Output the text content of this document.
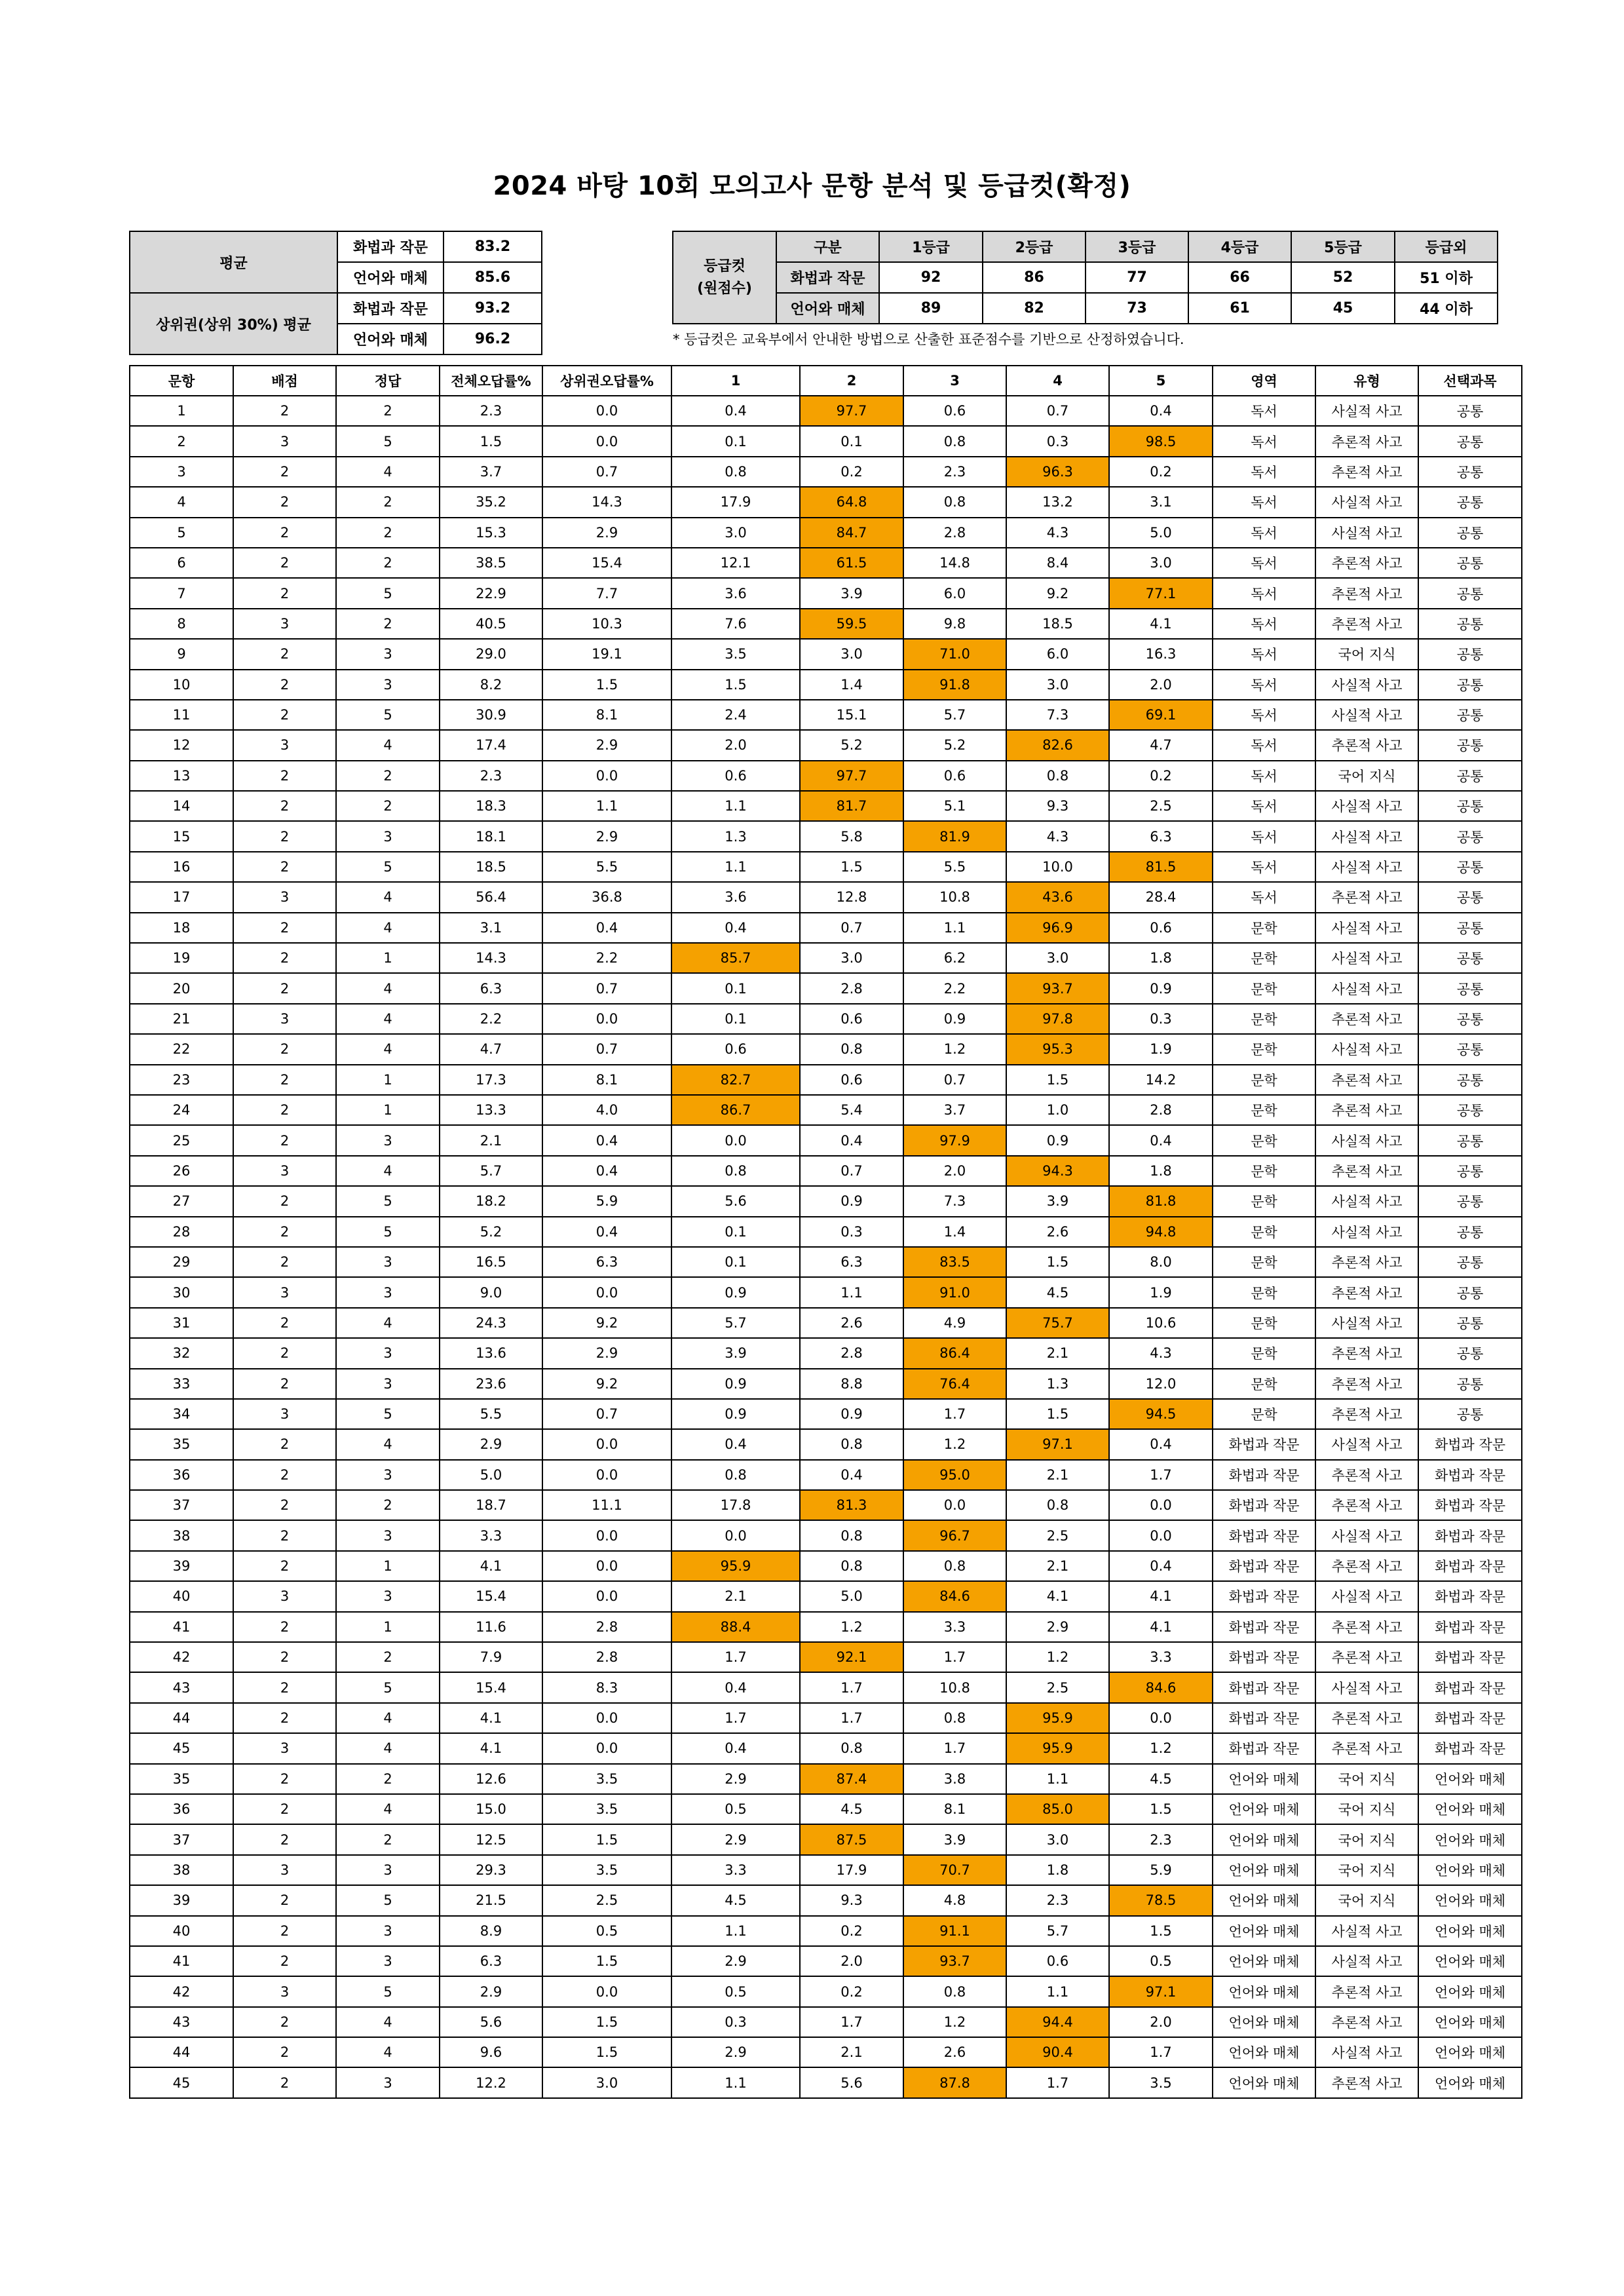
2024 바탕 10회 모의고사 문항 분석 및 등급컷(확정)
평균	화법과 작문	83.2
	언어와 매체	85.6
상위권(상위 30%) 평균	화법과 작문	93.2
	언어와 매체	96.2
등급컷
(원점수)	구분	1등급	2등급	3등급	4등급	5등급	등급외
	화법과 작문	92	86	77	66	52	51 이하
	언어와 매체	89	82	73	61	45	44 이하
* 등급컷은 교육부에서 안내한 방법으로 산출한 표준점수를 기반으로 산정하였습니다.
문항	배점	정답	전체오답률%	상위권오답률%	1	2	3	4	5	영역	유형	선택과목
1	2	2	2.3	0.0	0.4	97.7	0.6	0.7	0.4	독서	사실적 사고	공통
2	3	5	1.5	0.0	0.1	0.1	0.8	0.3	98.5	독서	추론적 사고	공통
3	2	4	3.7	0.7	0.8	0.2	2.3	96.3	0.2	독서	추론적 사고	공통
4	2	2	35.2	14.3	17.9	64.8	0.8	13.2	3.1	독서	사실적 사고	공통
5	2	2	15.3	2.9	3.0	84.7	2.8	4.3	5.0	독서	사실적 사고	공통
6	2	2	38.5	15.4	12.1	61.5	14.8	8.4	3.0	독서	추론적 사고	공통
7	2	5	22.9	7.7	3.6	3.9	6.0	9.2	77.1	독서	추론적 사고	공통
8	3	2	40.5	10.3	7.6	59.5	9.8	18.5	4.1	독서	추론적 사고	공통
9	2	3	29.0	19.1	3.5	3.0	71.0	6.0	16.3	독서	국어 지식	공통
10	2	3	8.2	1.5	1.5	1.4	91.8	3.0	2.0	독서	사실적 사고	공통
11	2	5	30.9	8.1	2.4	15.1	5.7	7.3	69.1	독서	사실적 사고	공통
12	3	4	17.4	2.9	2.0	5.2	5.2	82.6	4.7	독서	추론적 사고	공통
13	2	2	2.3	0.0	0.6	97.7	0.6	0.8	0.2	독서	국어 지식	공통
14	2	2	18.3	1.1	1.1	81.7	5.1	9.3	2.5	독서	사실적 사고	공통
15	2	3	18.1	2.9	1.3	5.8	81.9	4.3	6.3	독서	사실적 사고	공통
16	2	5	18.5	5.5	1.1	1.5	5.5	10.0	81.5	독서	사실적 사고	공통
17	3	4	56.4	36.8	3.6	12.8	10.8	43.6	28.4	독서	추론적 사고	공통
18	2	4	3.1	0.4	0.4	0.7	1.1	96.9	0.6	문학	사실적 사고	공통
19	2	1	14.3	2.2	85.7	3.0	6.2	3.0	1.8	문학	사실적 사고	공통
20	2	4	6.3	0.7	0.1	2.8	2.2	93.7	0.9	문학	사실적 사고	공통
21	3	4	2.2	0.0	0.1	0.6	0.9	97.8	0.3	문학	추론적 사고	공통
22	2	4	4.7	0.7	0.6	0.8	1.2	95.3	1.9	문학	사실적 사고	공통
23	2	1	17.3	8.1	82.7	0.6	0.7	1.5	14.2	문학	추론적 사고	공통
24	2	1	13.3	4.0	86.7	5.4	3.7	1.0	2.8	문학	추론적 사고	공통
25	2	3	2.1	0.4	0.0	0.4	97.9	0.9	0.4	문학	사실적 사고	공통
26	3	4	5.7	0.4	0.8	0.7	2.0	94.3	1.8	문학	추론적 사고	공통
27	2	5	18.2	5.9	5.6	0.9	7.3	3.9	81.8	문학	사실적 사고	공통
28	2	5	5.2	0.4	0.1	0.3	1.4	2.6	94.8	문학	사실적 사고	공통
29	2	3	16.5	6.3	0.1	6.3	83.5	1.5	8.0	문학	추론적 사고	공통
30	3	3	9.0	0.0	0.9	1.1	91.0	4.5	1.9	문학	추론적 사고	공통
31	2	4	24.3	9.2	5.7	2.6	4.9	75.7	10.6	문학	사실적 사고	공통
32	2	3	13.6	2.9	3.9	2.8	86.4	2.1	4.3	문학	추론적 사고	공통
33	2	3	23.6	9.2	0.9	8.8	76.4	1.3	12.0	문학	추론적 사고	공통
34	3	5	5.5	0.7	0.9	0.9	1.7	1.5	94.5	문학	추론적 사고	공통
35	2	4	2.9	0.0	0.4	0.8	1.2	97.1	0.4	화법과 작문	사실적 사고	화법과 작문
36	2	3	5.0	0.0	0.8	0.4	95.0	2.1	1.7	화법과 작문	추론적 사고	화법과 작문
37	2	2	18.7	11.1	17.8	81.3	0.0	0.8	0.0	화법과 작문	추론적 사고	화법과 작문
38	2	3	3.3	0.0	0.0	0.8	96.7	2.5	0.0	화법과 작문	사실적 사고	화법과 작문
39	2	1	4.1	0.0	95.9	0.8	0.8	2.1	0.4	화법과 작문	추론적 사고	화법과 작문
40	3	3	15.4	0.0	2.1	5.0	84.6	4.1	4.1	화법과 작문	사실적 사고	화법과 작문
41	2	1	11.6	2.8	88.4	1.2	3.3	2.9	4.1	화법과 작문	추론적 사고	화법과 작문
42	2	2	7.9	2.8	1.7	92.1	1.7	1.2	3.3	화법과 작문	추론적 사고	화법과 작문
43	2	5	15.4	8.3	0.4	1.7	10.8	2.5	84.6	화법과 작문	사실적 사고	화법과 작문
44	2	4	4.1	0.0	1.7	1.7	0.8	95.9	0.0	화법과 작문	추론적 사고	화법과 작문
45	3	4	4.1	0.0	0.4	0.8	1.7	95.9	1.2	화법과 작문	추론적 사고	화법과 작문
35	2	2	12.6	3.5	2.9	87.4	3.8	1.1	4.5	언어와 매체	국어 지식	언어와 매체
36	2	4	15.0	3.5	0.5	4.5	8.1	85.0	1.5	언어와 매체	국어 지식	언어와 매체
37	2	2	12.5	1.5	2.9	87.5	3.9	3.0	2.3	언어와 매체	국어 지식	언어와 매체
38	3	3	29.3	3.5	3.3	17.9	70.7	1.8	5.9	언어와 매체	국어 지식	언어와 매체
39	2	5	21.5	2.5	4.5	9.3	4.8	2.3	78.5	언어와 매체	국어 지식	언어와 매체
40	2	3	8.9	0.5	1.1	0.2	91.1	5.7	1.5	언어와 매체	사실적 사고	언어와 매체
41	2	3	6.3	1.5	2.9	2.0	93.7	0.6	0.5	언어와 매체	사실적 사고	언어와 매체
42	3	5	2.9	0.0	0.5	0.2	0.8	1.1	97.1	언어와 매체	추론적 사고	언어와 매체
43	2	4	5.6	1.5	0.3	1.7	1.2	94.4	2.0	언어와 매체	추론적 사고	언어와 매체
44	2	4	9.6	1.5	2.9	2.1	2.6	90.4	1.7	언어와 매체	사실적 사고	언어와 매체
45	2	3	12.2	3.0	1.1	5.6	87.8	1.7	3.5	언어와 매체	추론적 사고	언어와 매체
